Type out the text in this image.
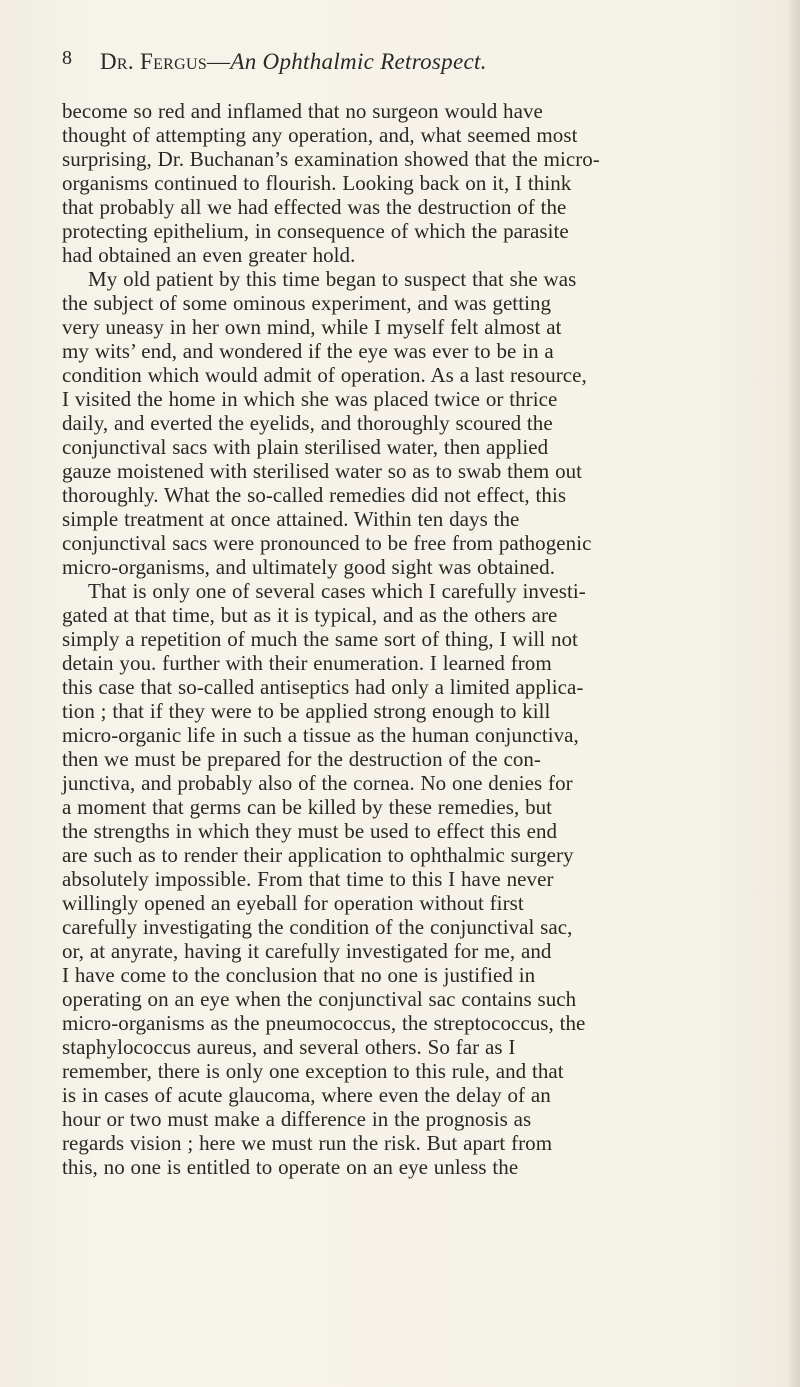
8 Dr. Fergus—An Ophthalmic Retrospect.
become so red and inflamed that no surgeon would have
thought of attempting any operation, and, what seemed most
surprising, Dr. Buchanan’s examination showed that the micro-
organisms continued to flourish. Looking back on it, I think
that probably all we had effected was the destruction of the
protecting epithelium, in consequence of which the parasite
had obtained an even greater hold.
My old patient by this time began to suspect that she was
the subject of some ominous experiment, and was getting
very uneasy in her own mind, while I myself felt almost at
my wits’ end, and wondered if the eye was ever to be in a
condition which would admit of operation. As a last resource,
I visited the home in which she was placed twice or thrice
daily, and everted the eyelids, and thoroughly scoured the
conjunctival sacs with plain sterilised water, then applied
gauze moistened with sterilised water so as to swab them out
thoroughly. What the so-called remedies did not effect, this
simple treatment at once attained. Within ten days the
conjunctival sacs were pronounced to be free from pathogenic
micro-organisms, and ultimately good sight was obtained.
That is only one of several cases which I carefully investi-
gated at that time, but as it is typical, and as the others are
simply a repetition of much the same sort of thing, I will not
detain you. further with their enumeration. I learned from
this case that so-called antiseptics had only a limited applica-
tion ; that if they were to be applied strong enough to kill
micro-organic life in such a tissue as the human conjunctiva,
then we must be prepared for the destruction of the con-
junctiva, and probably also of the cornea. No one denies for
a moment that germs can be killed by these remedies, but
the strengths in which they must be used to effect this end
are such as to render their application to ophthalmic surgery
absolutely impossible. From that time to this I have never
willingly opened an eyeball for operation without first
carefully investigating the condition of the conjunctival sac,
or, at anyrate, having it carefully investigated for me, and
I have come to the conclusion that no one is justified in
operating on an eye when the conjunctival sac contains such
micro-organisms as the pneumococcus, the streptococcus, the
staphylococcus aureus, and several others. So far as I
remember, there is only one exception to this rule, and that
is in cases of acute glaucoma, where even the delay of an
hour or two must make a difference in the prognosis as
regards vision ; here we must run the risk. But apart from
this, no one is entitled to operate on an eye unless the
